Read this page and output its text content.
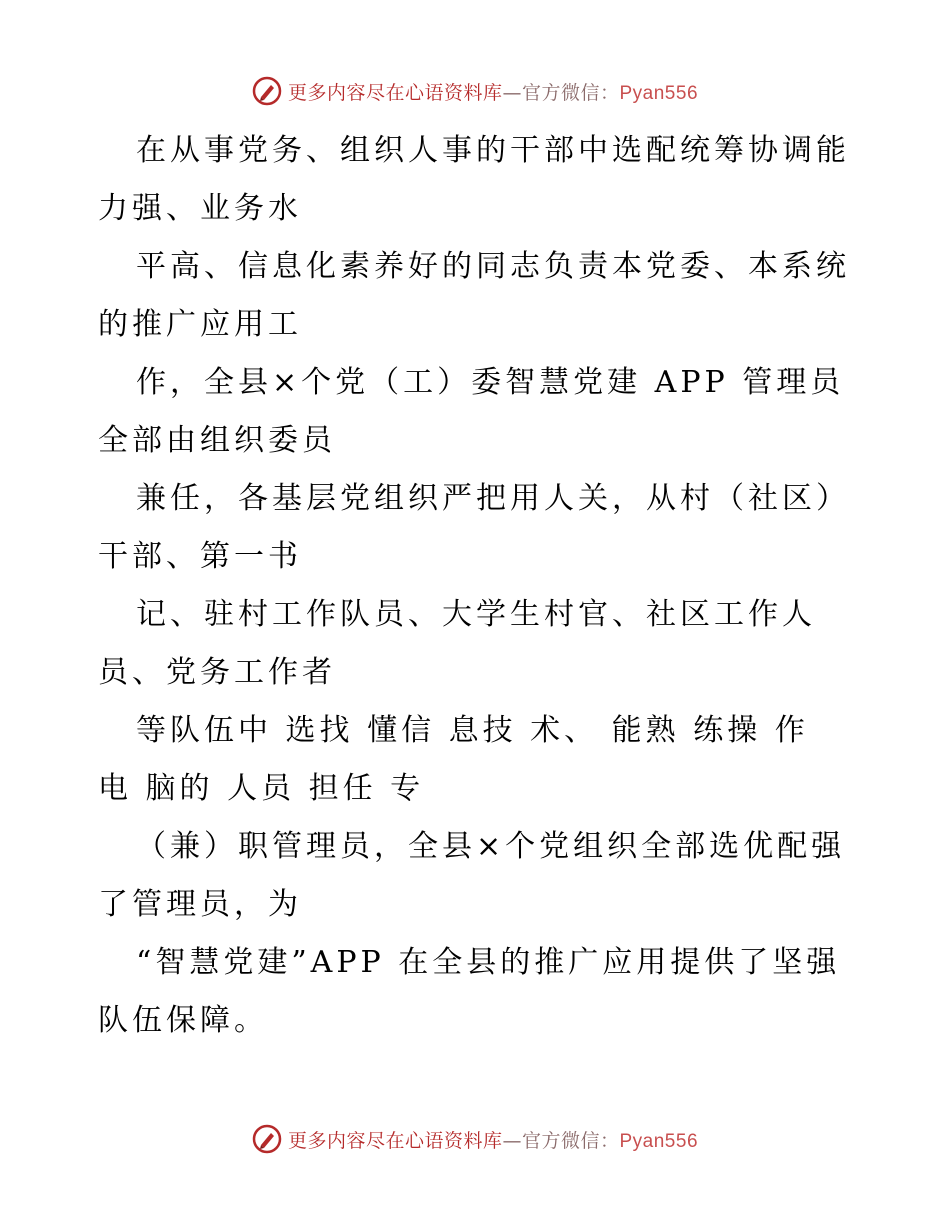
更多内容尽在心语资料库—官方微信：Pyan556
在从事党务、组织人事的干部中选配统筹协调能
力强、业务水
平高、信息化素养好的同志负责本党委、本系统
的推广应用工
作，全县×个党（工）委智慧党建 APP 管理员
全部由组织委员
兼任，各基层党组织严把用人关，从村（社区）
干部、第一书
记、驻村工作队员、大学生村官、社区工作人
员、党务工作者
等队伍中 选找 懂信 息技 术、 能熟 练操 作
电 脑的 人员 担任 专
（兼）职管理员，全县×个党组织全部选优配强
了管理员，为
“智慧党建”APP 在全县的推广应用提供了坚强
队伍保障。
更多内容尽在心语资料库—官方微信：Pyan556
